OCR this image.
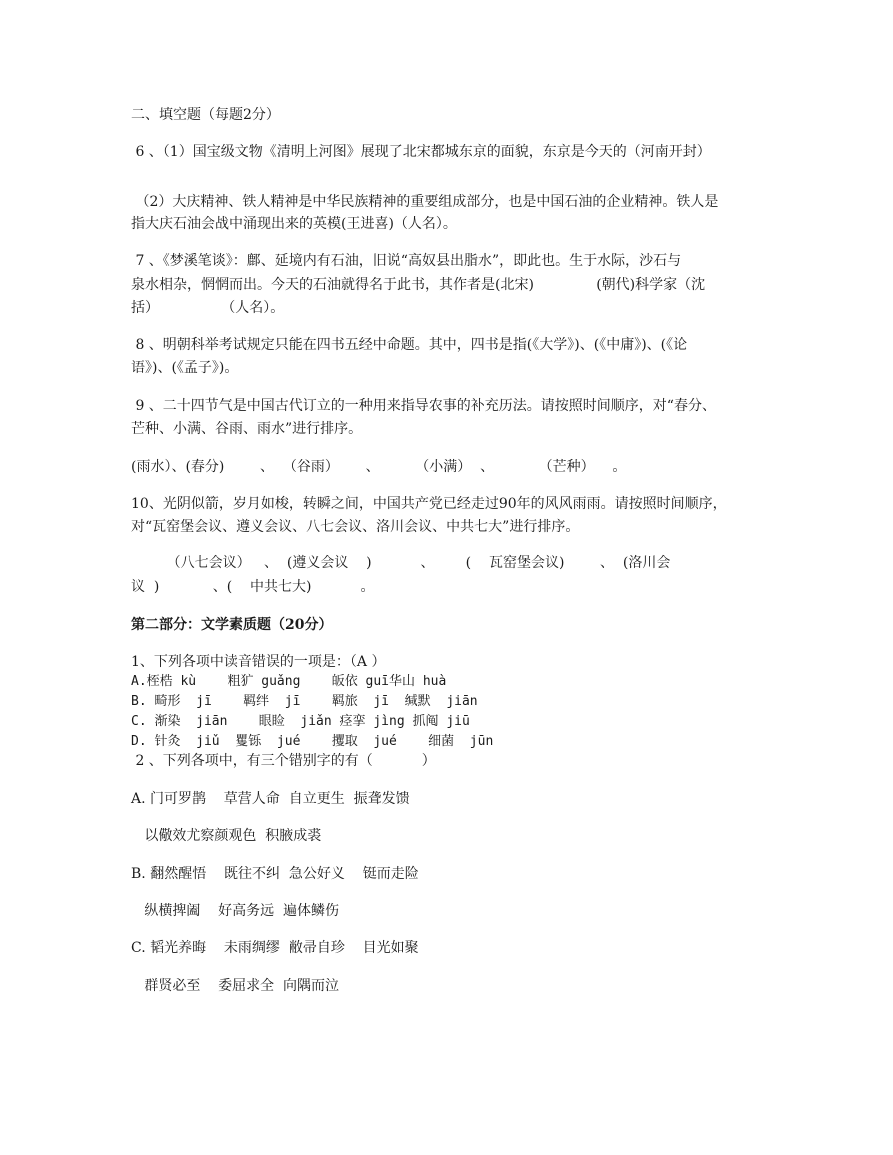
二、填空题（每题2分）
6 、（1）国宝级文物《清明上河图》展现了北宋都城东京的面貌，东京是今天的（河南开封）
（2）大庆精神、铁人精神是中华民族精神的重要组成部分，也是中国石油的企业精神。铁人是
指大庆石油会战中涌现出来的英模(王进喜)（人名）。
7 、《梦溪笔谈》：鄜、延境内有石油，旧说“高奴县出脂水”，即此也。生于水际，沙石与
泉水相杂，惘惘而出。今天的石油就得名于此书，其作者是(北宋)              (朝代)科学家（沈
括）              （人名）。
8 、明朝科举考试规定只能在四书五经中命题。其中，四书是指(《大学》)、(《中庸》)、(《论
语》)、(《孟子》)。
9 、二十四节气是中国古代订立的一种用来指导农事的补充历法。请按照时间顺序，对“春分、
芒种、小满、谷雨、雨水”进行排序。
(雨水）、(春分)        、  （谷雨）      、        （小满）  、          （芒种）    。
10、光阴似箭，岁月如梭，转瞬之间，中国共产党已经走过90年的风风雨雨。请按照时间顺序，
对“瓦窑堡会议、遵义会议、八七会议、洛川会议、中共七大”进行排序。
（八七会议）   、  (遵义会议    )           、       (    瓦窑堡会议)        、  (洛川会
议  )            、(    中共七大)           。
第二部分：文学素质题（20分）
1、下列各项中读音错误的一项是：（A ）
A.桎梏 kù    粗犷 guǎng    皈依 guī华山 huà
B. 畸形  jī    羁绊  jī    羁旅  jī  缄默  jiān
C. 渐染  jiān    眼睑  jiǎn 痉挛 jìng 抓阄 jiū
D. 针灸  jiǔ  矍铄  jué    攫取  jué    细菌  jūn
2 、下列各项中，有三个错别字的有（           ）
A. 门可罗鹊    草营人命  自立更生  振聋发馈
以儆效尤察颜观色  积腋成裘
B. 翻然醒悟    既往不纠  急公好义    铤而走险
纵横捭阖    好高务远  遍体鳞伤
C. 韬光养晦    未雨绸缪  敝帚自珍    目光如聚
群贤必至    委屈求全  向隅而泣
